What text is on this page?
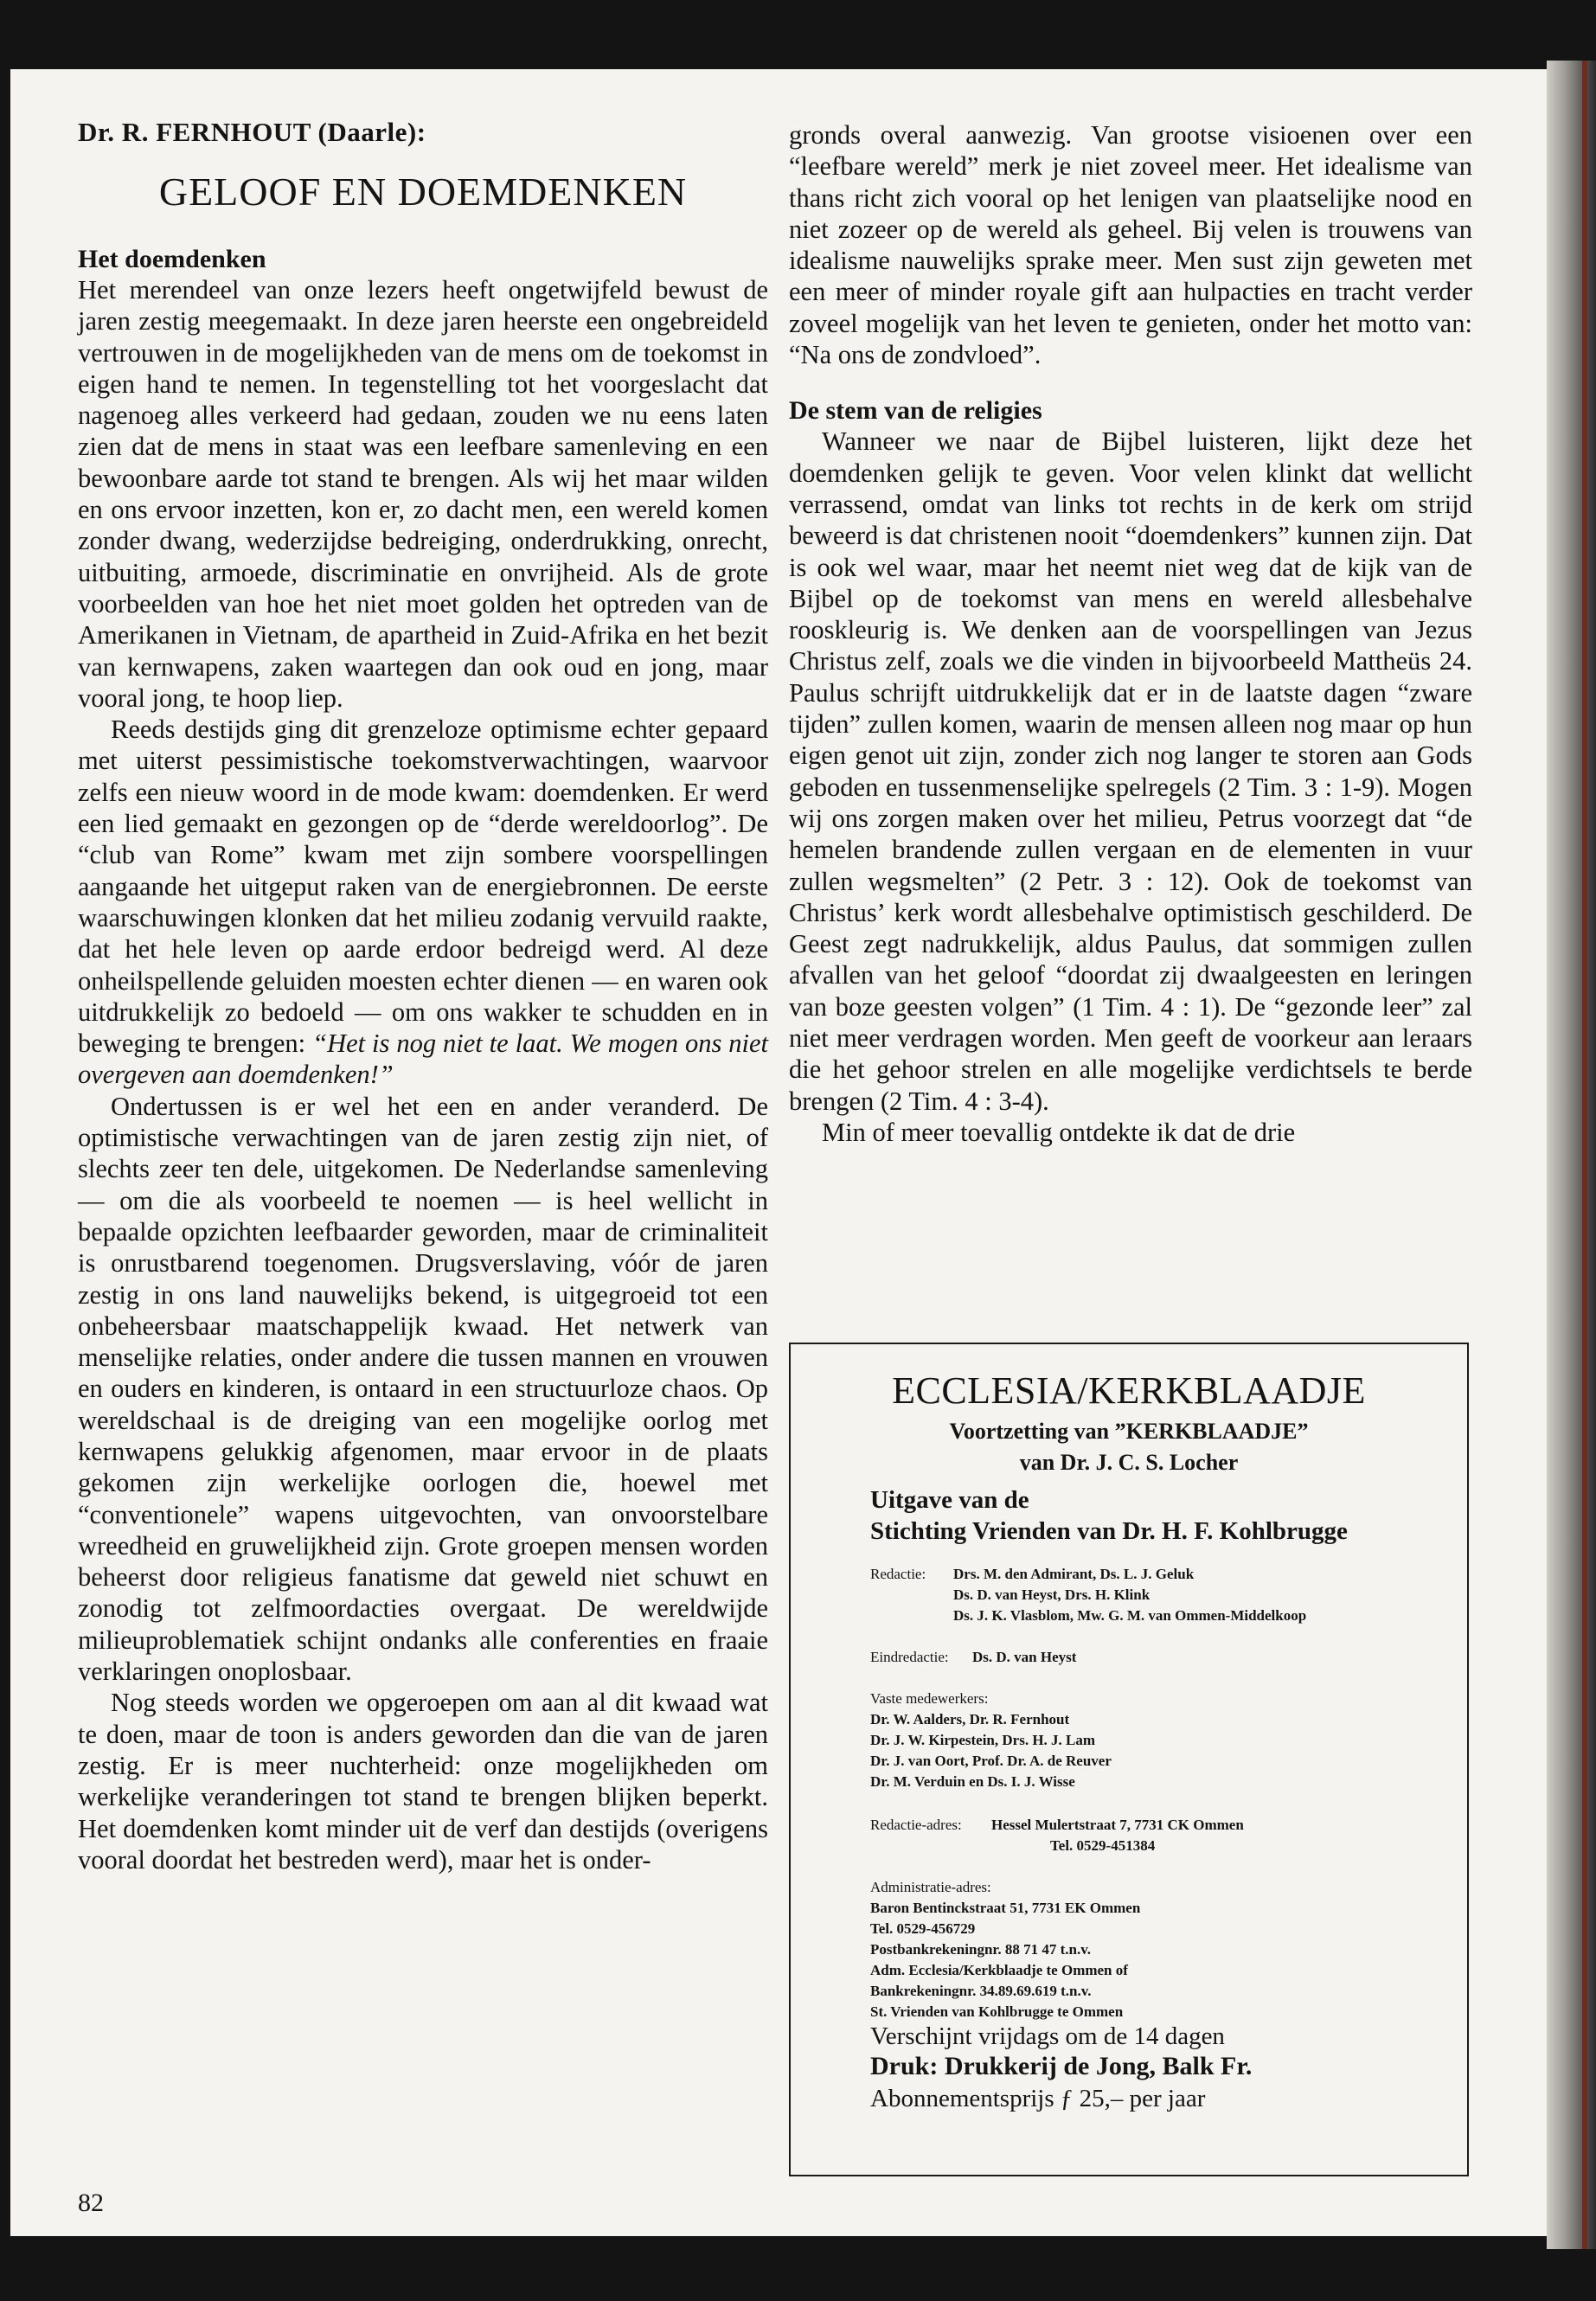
Dr. R. FERNHOUT (Daarle):
GELOOF EN DOEMDENKEN
Het doemdenken

Het merendeel van onze lezers heeft ongetwijfeld bewust de jaren zestig meegemaakt. In deze jaren heerste een ongebreideld vertrouwen in de mogelijkheden van de mens om de toekomst in eigen hand te nemen. In tegenstelling tot het voorgeslacht dat nagenoeg alles verkeerd had gedaan, zouden we nu eens laten zien dat de mens in staat was een leefbare samenleving en een bewoonbare aarde tot stand te brengen. Als wij het maar wilden en ons ervoor inzetten, kon er, zo dacht men, een wereld komen zonder dwang, wederzijdse bedreiging, onderdrukking, onrecht, uitbuiting, armoede, discriminatie en onvrijheid. Als de grote voorbeelden van hoe het niet moet golden het optreden van de Amerikanen in Vietnam, de apartheid in Zuid-Afrika en het bezit van kernwapens, zaken waartegen dan ook oud en jong, maar vooral jong, te hoop liep.

Reeds destijds ging dit grenzeloze optimisme echter gepaard met uiterst pessimistische toekomstverwachtingen, waarvoor zelfs een nieuw woord in de mode kwam: doemdenken. Er werd een lied gemaakt en gezongen op de “derde wereldoorlog”. De “club van Rome” kwam met zijn sombere voorspellingen aangaande het uitgeput raken van de energiebronnen. De eerste waarschuwingen klonken dat het milieu zodanig vervuild raakte, dat het hele leven op aarde erdoor bedreigd werd. Al deze onheilspellende geluiden moesten echter dienen — en waren ook uitdrukkelijk zo bedoeld — om ons wakker te schudden en in beweging te brengen: “Het is nog niet te laat. We mogen ons niet overgeven aan doemdenken!”

Ondertussen is er wel het een en ander veranderd. De optimistische verwachtingen van de jaren zestig zijn niet, of slechts zeer ten dele, uitgekomen. De Nederlandse samenleving — om die als voorbeeld te noemen — is heel wellicht in bepaalde opzichten leefbaarder geworden, maar de criminaliteit is onrustbarend toegenomen. Drugsverslaving, vóór de jaren zestig in ons land nauwelijks bekend, is uitgegroeid tot een onbeheersbaar maatschappelijk kwaad. Het netwerk van menselijke relaties, onder andere die tussen mannen en vrouwen en ouders en kinderen, is ontaard in een structuurloze chaos. Op wereldschaal is de dreiging van een mogelijke oorlog met kernwapens gelukkig afgenomen, maar ervoor in de plaats gekomen zijn werkelijke oorlogen die, hoewel met “conventionele” wapens uitgevochten, van onvoorstelbare wreedheid en gruwelijkheid zijn. Grote groepen mensen worden beheerst door religieus fanatisme dat geweld niet schuwt en zonodig tot zelfmoordacties overgaat. De wereldwijde milieuproblematiek schijnt ondanks alle conferenties en fraaie verklaringen onoplosbaar.

Nog steeds worden we opgeroepen om aan al dit kwaad wat te doen, maar de toon is anders geworden dan die van de jaren zestig. Er is meer nuchterheid: onze mogelijkheden om werkelijke veranderingen tot stand te brengen blijken beperkt. Het doemdenken komt minder uit de verf dan destijds (overigens vooral doordat het bestreden werd), maar het is onder-

gronds overal aanwezig. Van grootse visioenen over een “leefbare wereld” merk je niet zoveel meer. Het idealisme van thans richt zich vooral op het lenigen van plaatselijke nood en niet zozeer op de wereld als geheel. Bij velen is trouwens van idealisme nauwelijks sprake meer. Men sust zijn geweten met een meer of minder royale gift aan hulpacties en tracht verder zoveel mogelijk van het leven te genieten, onder het motto van: “Na ons de zondvloed”.

De stem van de religies

Wanneer we naar de Bijbel luisteren, lijkt deze het doemdenken gelijk te geven. Voor velen klinkt dat wellicht verrassend, omdat van links tot rechts in de kerk om strijd beweerd is dat christenen nooit “doemdenkers” kunnen zijn. Dat is ook wel waar, maar het neemt niet weg dat de kijk van de Bijbel op de toekomst van mens en wereld allesbehalve rooskleurig is. We denken aan de voorspellingen van Jezus Christus zelf, zoals we die vinden in bijvoorbeeld Mattheüs 24. Paulus schrijft uitdrukkelijk dat er in de laatste dagen “zware tijden” zullen komen, waarin de mensen alleen nog maar op hun eigen genot uit zijn, zonder zich nog langer te storen aan Gods geboden en tussenmenselijke spelregels (2 Tim. 3 : 1-9). Mogen wij ons zorgen maken over het milieu, Petrus voorzegt dat “de hemelen brandende zullen vergaan en de elementen in vuur zullen wegsmelten” (2 Petr. 3 : 12). Ook de toekomst van Christus’ kerk wordt allesbehalve optimistisch geschilderd. De Geest zegt nadrukkelijk, aldus Paulus, dat sommigen zullen afvallen van het geloof “doordat zij dwaalgeesten en leringen van boze geesten volgen” (1 Tim. 4 : 1). De “gezonde leer” zal niet meer verdragen worden. Men geeft de voorkeur aan leraars die het gehoor strelen en alle mogelijke verdichtsels te berde brengen (2 Tim. 4 : 3-4).

Min of meer toevallig ontdekte ik dat de drie

ECCLESIA/KERKBLAADJE
Voortzetting van ”KERKBLAADJE”
van Dr. J. C. S. Locher
Uitgave van de
Stichting Vrienden van Dr. H. F. Kohlbrugge
Redactie: Drs. M. den Admirant, Ds. L. J. Geluk
Ds. D. van Heyst, Drs. H. Klink
Ds. J. K. Vlasblom, Mw. G. M. van Ommen-Middelkoop
Eindredactie: Ds. D. van Heyst
Vaste medewerkers:
Dr. W. Aalders, Dr. R. Fernhout
Dr. J. W. Kirpestein, Drs. H. J. Lam
Dr. J. van Oort, Prof. Dr. A. de Reuver
Dr. M. Verduin en Ds. I. J. Wisse
Redactie-adres: Hessel Mulertstraat 7, 7731 CK Ommen
Tel. 0529-451384
Administratie-adres:
Baron Bentinckstraat 51, 7731 EK Ommen
Tel. 0529-456729
Postbankrekeningnr. 88 71 47 t.n.v.
Adm. Ecclesia/Kerkblaadje te Ommen of
Bankrekeningnr. 34.89.69.619 t.n.v.
St. Vrienden van Kohlbrugge te Ommen
Verschijnt vrijdags om de 14 dagen
Druk: Drukkerij de Jong, Balk Fr.
Abonnementsprijs ƒ 25,– per jaar
82
